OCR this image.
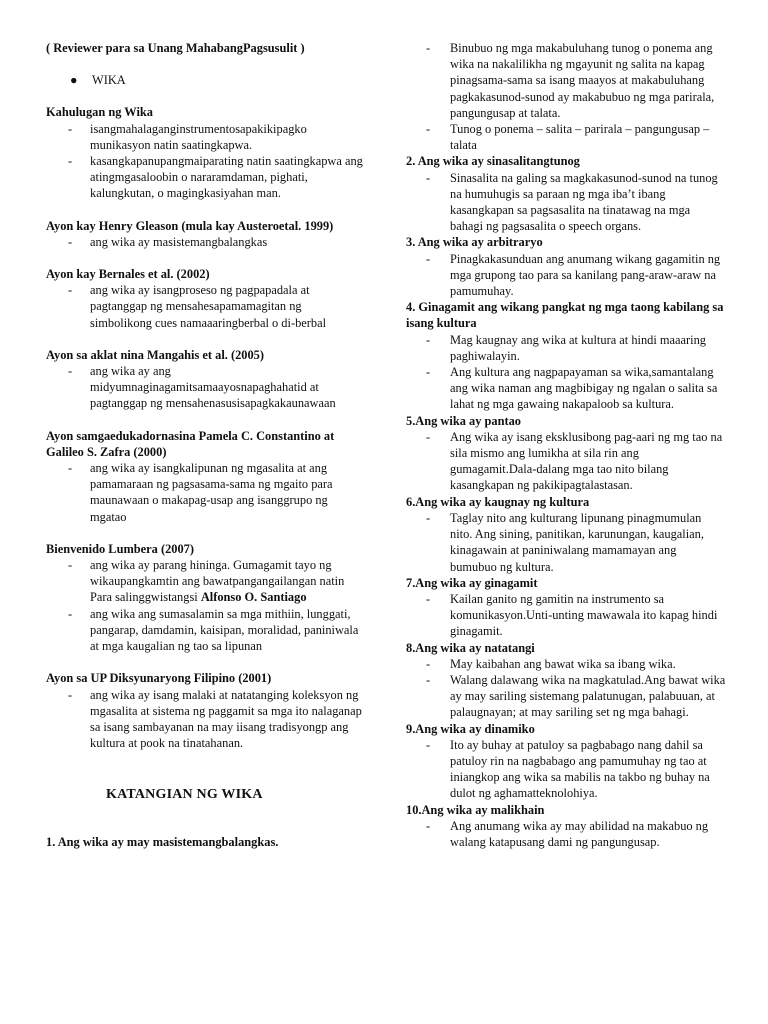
( Reviewer para sa Unang MahabangPagsusulit )

●	WIKA

Kahulugan ng Wika

-	isangmahalaganginstrumentosapakikipagko munikasyon natin saatingkapwa.
-	kasangkapanupangmaiparating natin saatingkapwa ang atingmgasaloobin o nararamdaman, pighati, kalungkutan, o magingkasiyahan man.

Ayon kay Henry Gleason (mula kay Austeroetal. 1999)

-	ang wika ay masistemangbalangkas

Ayon kay Bernales et al. (2002)

-	ang wika ay isangproseso ng pagpapadala at pagtanggap ng mensahesapamamagitan ng simbolikong cues namaaaringberbal o di-berbal

Ayon sa aklat nina Mangahis et al. (2005)

-	ang wika ay ang midyumnaginagamitsamaayosnapaghahatid at pagtanggap ng mensahenasusisapagkakaunawaan

Ayon samgaedukadornasina Pamela C. Constantino at Galileo S. Zafra (2000)

-	ang wika ay isangkalipunan ng mgasalita at ang pamamaraan ng pagsasama-sama ng mgaito para maunawaan o makapag-usap ang isanggrupo ng mgatao

Bienvenido Lumbera (2007)

-	ang wika ay parang hininga. Gumagamit tayo ng wikaupangkamtin ang bawatpangangailangan natin
Para salinggwistangsi Alfonso O. Santiago
-	ang wika ang sumasalamin sa mga mithiin, lunggati, pangarap, damdamin, kaisipan, moralidad, paniniwala at mga kaugalian ng tao sa lipunan

Ayon sa UP Diksyunaryong Filipino (2001)

-	ang wika ay isang malaki at natatanging koleksyon ng mgasalita at sistema ng paggamit sa mga ito nalaganap sa isang sambayanan na may iisang tradisyongp ang kultura at pook na tinatahanan.

KATANGIAN NG WIKA

1. Ang wika ay may masistemangbalangkas.

-	Binubuo ng mga makabuluhang tunog o ponema ang wika na nakalilikha ng mgayunit ng salita na kapag pinagsama-sama sa isang maayos at makabuluhang pagkakasunod-sunod ay makabubuo ng mga parirala, pangungusap at talata.
-	Tunog o ponema – salita – parirala – pangungusap – talata

2. Ang wika ay sinasalitangtunog

-	Sinasalita na galing sa magkakasunod-sunod na tunog na humuhugis sa paraan ng mga iba’t ibang kasangkapan sa pagsasalita na tinatawag na mga bahagi ng pagsasalita o speech organs.

3. Ang wika ay arbitraryo

-	Pinagkakasunduan ang anumang wikang gagamitin ng mga grupong tao para sa kanilang pang-araw-araw na pamumuhay.

4. Ginagamit ang wikang pangkat ng mga taong kabilang sa isang kultura

-	Mag kaugnay ang wika at kultura at hindi maaaring paghiwalayin.
-	Ang kultura ang nagpapayaman sa wika,samantalang ang wika naman ang magbibigay ng ngalan o salita sa lahat ng mga gawaing nakapaloob sa kultura.

5.Ang wika ay pantao

-	Ang wika ay isang eksklusibong pag-aari ng mg tao na sila mismo ang lumikha at sila rin ang gumagamit.Dala-dalang mga tao nito bilang kasangkapan ng pakikipagtalastasan.

6.Ang wika ay kaugnay ng kultura

-	Taglay nito ang kulturang lipunang pinagmumulan nito. Ang sining, panitikan, karunungan, kaugalian, kinagawain at paniniwalang mamamayan ang bumubuo ng kultura.

7.Ang wika ay ginagamit

-	Kailan ganito ng gamitin na instrumento sa komunikasyon.Unti-unting mawawala ito kapag hindi ginagamit.

8.Ang wika ay natatangi

-	May kaibahan ang bawat wika sa ibang wika.
-	Walang dalawang wika na magkatulad.Ang bawat wika ay may sariling sistemang palatunugan, palabuuan, at palaugnayan; at may sariling set ng mga bahagi.

9.Ang wika ay dinamiko

-	Ito ay buhay at patuloy sa pagbabago nang dahil sa patuloy rin na nagbabago ang pamumuhay ng tao at iniangkop ang wika sa mabilis na takbo ng buhay na dulot ng aghamatteknolohiya.

10.Ang wika ay malikhain

-	Ang anumang wika ay may abilidad na makabuo ng walang katapusang dami ng pangungusap.
